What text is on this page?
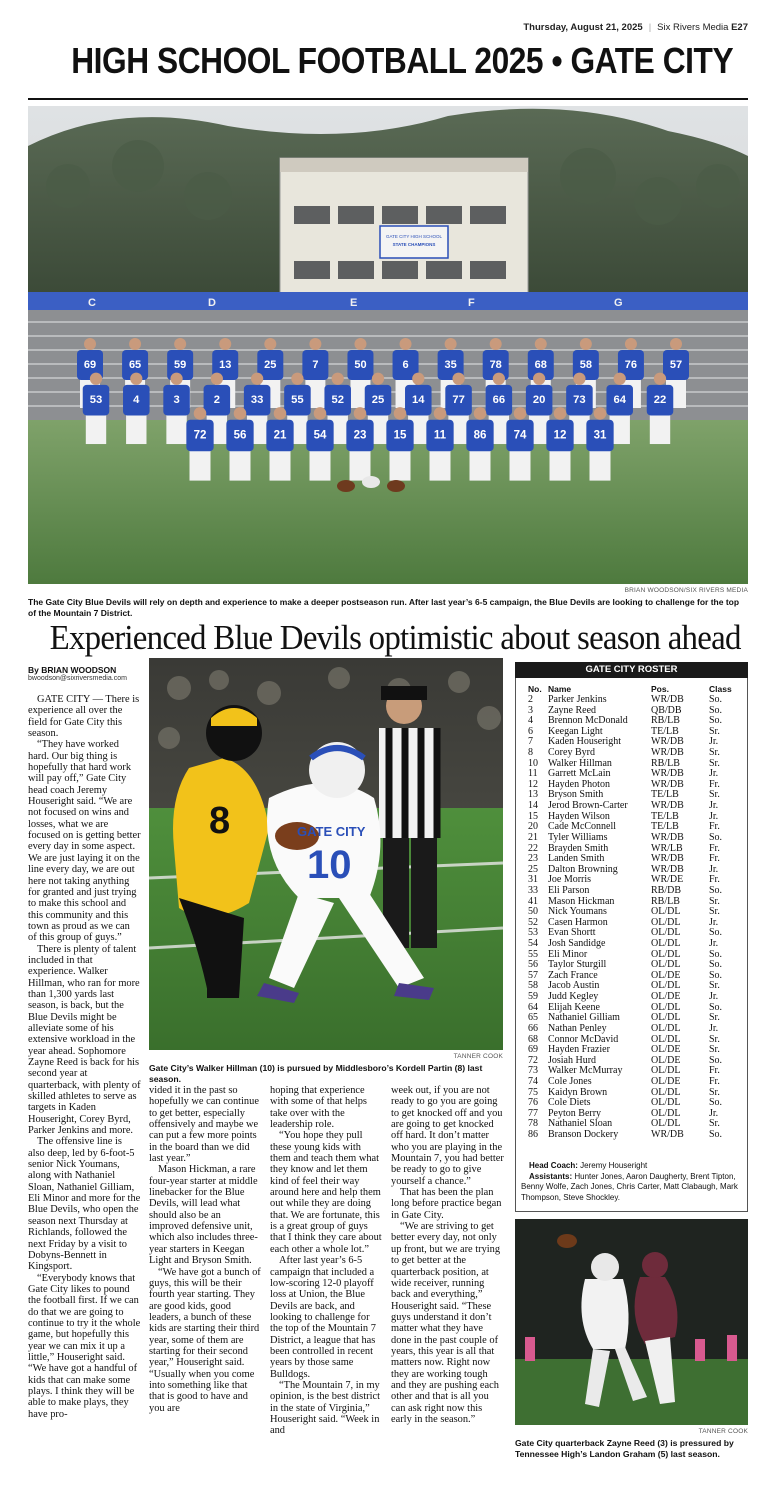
Thursday, August 21, 2025 | Six Rivers Media E27
HIGH SCHOOL FOOTBALL 2025 • GATE CITY
GATE CITY HIGH SCHOOL
STATE CHAMPIONS
C	D	E	F	G
69	65	59	13	25	7	50	6	35	78	68	58	76	57
53	4	3	2	33 55 52 25 14 77 66 20 73 64 22
72 56 21 54 23 15 11 86 74 12 31
BRIAN WOODSON/SIX RIVERS MEDIA
The Gate City Blue Devils will rely on depth and experience to make a deeper postseason run. After last year’s 6-5 campaign, the Blue Devils are looking to challenge for the top of the Mountain 7 District.
Experienced Blue Devils optimistic about season ahead
By BRIAN WOODSON
bwoodson@sixriversmedia.com
8	GATE CITY
10
TANNER COOK
Gate City’s Walker Hillman (10) is pursued by Middlesboro’s Kordell Partin (8) last season.

GATE CITY — There is experience all over the field for Gate City this season.

“They have worked hard. Our big thing is hopefully that hard work will pay off,” Gate City head coach Jeremy Houseright said. “We are not focused on wins and losses, what we are focused on is getting better every day in some aspect. We are just laying it on the line every day, we are out here not taking anything for granted and just trying to make this school and this community and this town as proud as we can of this group of guys.”

There is plenty of talent included in that experience. Walker Hillman, who ran for more than 1,300 yards last season, is back, but the Blue Devils might be alleviate some of his extensive workload in the year ahead. Sophomore Zayne Reed is back for his second year at quarterback, with plenty of skilled athletes to serve as targets in Kaden Houseright, Corey Byrd, Parker Jenkins and more.

The offensive line is also deep, led by 6-foot-5 senior Nick Youmans, along with Nathaniel Sloan, Nathaniel Gilliam, Eli Minor and more for the Blue Devils, who open the season next Thursday at Richlands, followed the next Friday by a visit to Dobyns-Bennett in Kingsport.

“Everybody knows that Gate City likes to pound the football first. If we can do that we are going to continue to try it the whole game, but hopefully this year we can mix it up a little,” Houseright said. “We have got a handful of kids that can make some plays. I think they will be able to make plays, they have pro-

vided it in the past so hopefully we can continue to get better, especially offensively and maybe we can put a few more points in the board than we did last year.”

Mason Hickman, a rare four-year starter at middle linebacker for the Blue Devils, will lead what should also be an improved defensive unit, which also includes three-year starters in Keegan Light and Bryson Smith.

“We have got a bunch of guys, this will be their fourth year starting. They are good kids, good leaders, a bunch of these kids are starting their third year, some of them are starting for their second year,” Houseright said. “Usually when you come into something like that that is good to have and you are

hoping that experience with some of that helps take over with the leadership role.

“You hope they pull these young kids with them and teach them what they know and let them kind of feel their way around here and help them out while they are doing that. We are fortunate, this is a great group of guys that I think they care about each other a whole lot.”

After last year’s 6-5 campaign that included a low-scoring 12-0 playoff loss at Union, the Blue Devils are back, and looking to challenge for the top of the Mountain 7 District, a league that has been controlled in recent years by those same Bulldogs.

“The Mountain 7, in my opinion, is the best district in the state of Virginia,” Houseright said. “Week in and

week out, if you are not ready to go you are going to get knocked off and you are going to get knocked off hard. It don’t matter who you are playing in the Mountain 7, you had better be ready to go to give yourself a chance.”

That has been the plan long before practice began in Gate City.

“We are striving to get better every day, not only up front, but we are trying to get better at the quarterback position, at wide receiver, running back and everything,” Houseright said. “These guys understand it don’t matter what they have done in the past couple of years, this year is all that matters now. Right now they are working tough and they are pushing each other and that is all you can ask right now this early in the season.”

GATE CITY ROSTER
No. Name	Pos.	Class
2 Parker Jenkins	WR/DB	So.
3 Zayne Reed	QB/DB	So.
4 Brennon McDonald RB/LB	So.
6 Keegan Light	TE/LB	Sr.
7 Kaden Houseright	WR/DB	Jr.
8 Corey Byrd	WR/DB	Sr.
10 Walker Hillman	RB/LB	Sr.
11 Garrett McLain	WR/DB	Jr.
12 Hayden Photon	WR/DB	Fr.
13 Bryson Smith	TE/LB	Sr.
14 Jerod Brown-Carter WR/DB	Jr.
15 Hayden Wilson	TE/LB	Jr.
20 Cade McConnell	TE/LB	Fr.
21 Tyler Williams	WR/DB	So.
22 Brayden Smith	WR/LB	Fr.
23 Landen Smith	WR/DB	Fr.
25 Dalton Browning	WR/DB	Jr.
31 Joe Morris	WR/DE	Fr.
33 Eli Parson	RB/DB	So.
41 Mason Hickman	RB/LB	Sr.
50 Nick Youmans	OL/DL	Sr.
52 Casen Harmon	OL/DL	Jr.
53 Evan Shortt	OL/DL	So.
54 Josh Sandidge	OL/DL	Jr.
55 Eli Minor	OL/DL	So.
56 Taylor Sturgill	OL/DL	So.
57 Zach France	OL/DE	So.
58 Jacob Austin	OL/DL	Sr.
59 Judd Kegley	OL/DE	Jr.
64 Elijah Keene	OL/DL	So.
65 Nathaniel Gilliam	OL/DL	Sr.
66 Nathan Penley	OL/DL	Jr.
68 Connor McDavid	OL/DL	Sr.
69 Hayden Frazier	OL/DE	Sr.
72 Josiah Hurd	OL/DE	So.
73 Walker McMurray	OL/DL	Fr.
74 Cole Jones	OL/DE	Fr.
75 Kaidyn Brown	OL/DL	Sr.
76 Cole Diets	OL/DL	So.
77 Peyton Berry	OL/DL	Jr.
78 Nathaniel Sloan	OL/DL	Sr.
86 Branson Dockery	WR/DB	So.
Head Coach: Jeremy Houseright
Assistants: Hunter Jones, Aaron Daugherty, Brent Tipton, Benny Wolfe, Zach Jones, Chris Carter, Matt Clabaugh, Mark Thompson, Steve Shockley.
TANNER COOK
Gate City quarterback Zayne Reed (3) is pressured by Tennessee High’s Landon Graham (5) last season.
